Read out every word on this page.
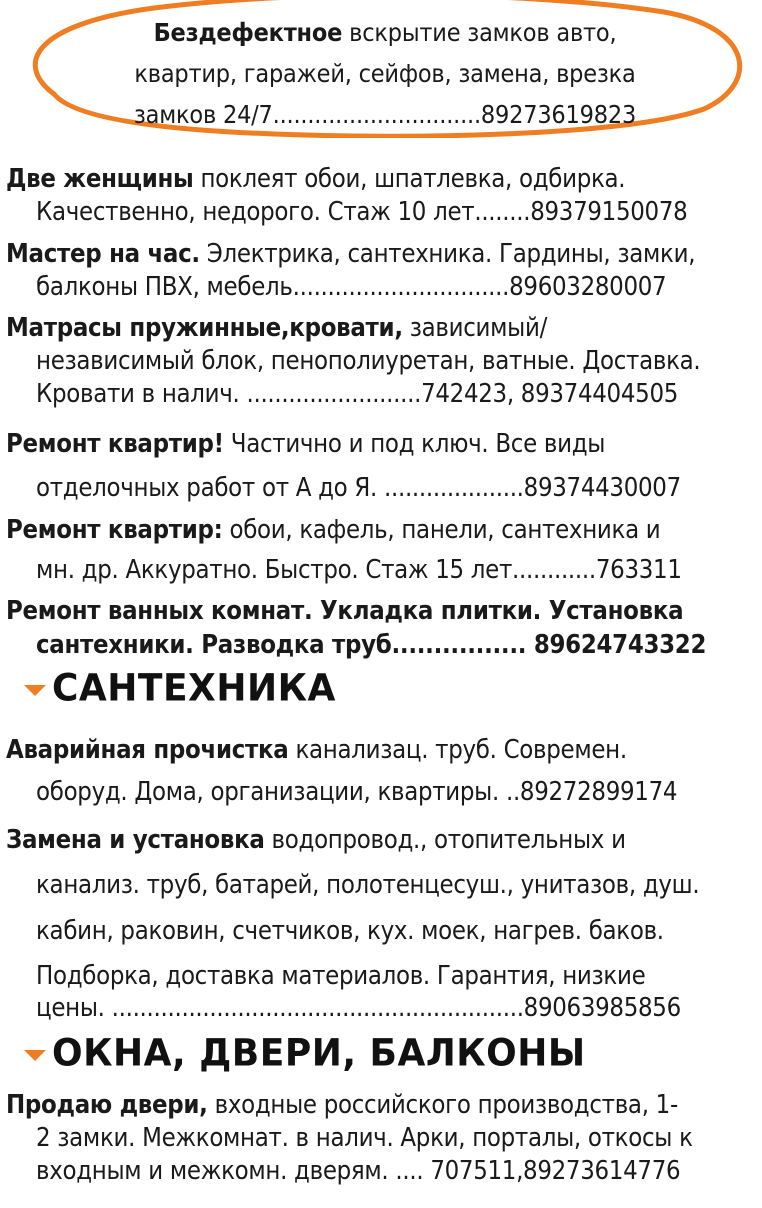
Бездефектное вскрытие замков авто,
квартир, гаражей, сейфов, замена, врезка
замков 24/7..............................89273619823
Две женщины поклеят обои, шпатлевка, одбирка.
Качественно, недорого. Стаж 10 лет........89379150078
Мастер на час. Электрика, сантехника. Гардины, замки,
балконы ПВХ, мебель...............................89603280007
Матрасы пружинные,кровати, зависимый/
независимый блок, пенополиуретан, ватные. Доставка.
Кровати в налич. .........................742423, 89374404505
Ремонт квартир! Частично и под ключ. Все виды
отделочных работ от А до Я. ....................89374430007
Ремонт квартир: обои, кафель, панели, сантехника и
мн. др. Аккуратно. Быстро. Стаж 15 лет............763311
Ремонт ванных комнат. Укладка плитки. Установка
сантехники. Разводка труб................ 89624743322
САНТЕХНИКА
Аварийная прочистка канализац. труб. Современ.
оборуд. Дома, организации, квартиры. ..89272899174
Замена и установка водопровод., отопительных и
канализ. труб, батарей, полотенцесуш., унитазов, душ.
кабин, раковин, счетчиков, кух. моек, нагрев. баков.
Подборка, доставка материалов. Гарантия, низкие
цены. ...........................................................89063985856
ОКНА, ДВЕРИ, БАЛКОНЫ
Продаю двери, входные российского производства, 1-
2 замки. Межкомнат. в налич. Арки, порталы, откосы к
входным и межкомн. дверям. .... 707511,89273614776
